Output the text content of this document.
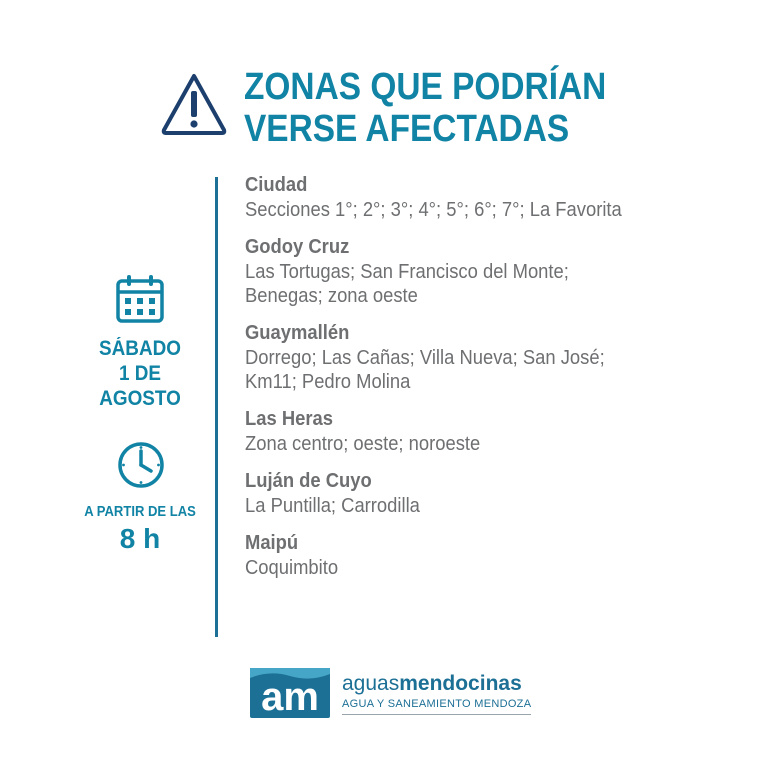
ZONAS QUE PODRÍAN
VERSE AFECTADAS
SÁBADO
1 DE
AGOSTO
A PARTIR DE LAS
8 h
Ciudad
Secciones 1°; 2°; 3°; 4°; 5°; 6°; 7°; La Favorita
Godoy Cruz
Las Tortugas; San Francisco del Monte;
Benegas; zona oeste
Guaymallén
Dorrego; Las Cañas; Villa Nueva; San José;
Km11; Pedro Molina
Las Heras
Zona centro; oeste; noroeste
Luján de Cuyo
La Puntilla; Carrodilla
Maipú
Coquimbito
am aguasmendocinas
AGUA Y SANEAMIENTO MENDOZA
